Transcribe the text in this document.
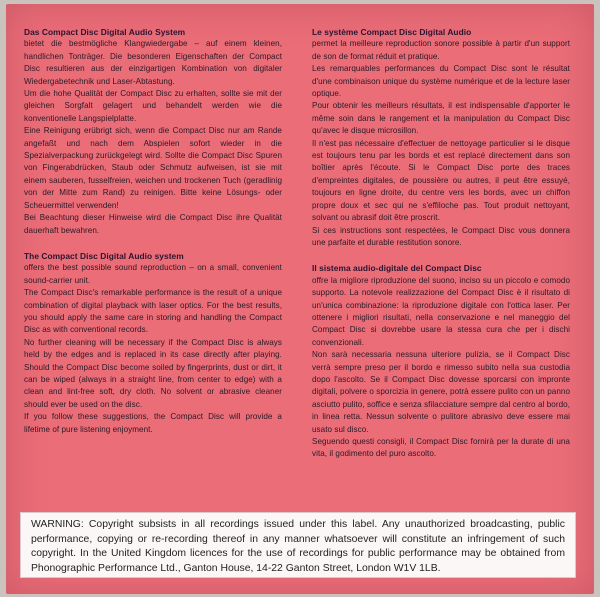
Das Compact Disc Digital Audio System

bietet die bestmögliche Klangwiedergabe – auf einem kleinen, handlichen Tonträger. Die besonderen Eigenschaften der Compact Disc resultieren aus der einzigartigen Kombination von digitaler Wiedergabetechnik und Laser-Abtastung.

Um die hohe Qualität der Compact Disc zu erhalten, sollte sie mit der gleichen Sorgfalt gelagert und behandelt werden wie die konventionelle Langspielplatte.

Eine Reinigung erübrigt sich, wenn die Compact Disc nur am Rande angefaßt und nach dem Abspielen sofort wieder in die Spezialverpackung zurückgelegt wird. Sollte die Compact Disc Spuren von Fingerabdrücken, Staub oder Schmutz aufweisen, ist sie mit einem sauberen, fusselfreien, weichen und trockenen Tuch (geradlinig von der Mitte zum Rand) zu reinigen. Bitte keine Lösungs- oder Scheuermittel verwenden!

Bei Beachtung dieser Hinweise wird die Compact Disc ihre Qualität dauerhaft bewahren.

The Compact Disc Digital Audio system

offers the best possible sound reproduction – on a small, convenient sound-carrier unit.

The Compact Disc's remarkable performance is the result of a unique combination of digital playback with laser optics. For the best results, you should apply the same care in storing and handling the Compact Disc as with conventional records.

No further cleaning will be necessary if the Compact Disc is always held by the edges and is replaced in its case directly after playing. Should the Compact Disc become soiled by fingerprints, dust or dirt, it can be wiped (always in a straight line, from center to edge) with a clean and lint-free soft, dry cloth. No solvent or abrasive cleaner should ever be used on the disc.

If you follow these suggestions, the Compact Disc will provide a lifetime of pure listening enjoyment.

Le système Compact Disc Digital Audio

permet la meilleure reproduction sonore possible à partir d'un support de son de format réduit et pratique.

Les remarquables performances du Compact Disc sont le résultat d'une combinaison unique du système numérique et de la lecture laser optique.

Pour obtenir les meilleurs résultats, il est indispensable d'apporter le même soin dans le rangement et la manipulation du Compact Disc qu'avec le disque microsillon.

Il n'est pas nécessaire d'effectuer de nettoyage particulier si le disque est toujours tenu par les bords et est replacé directement dans son boîtier après l'écoute. Si le Compact Disc porte des traces d'empreintes digitales, de poussière ou autres, il peut être essuyé, toujours en ligne droite, du centre vers les bords, avec un chiffon propre doux et sec qui ne s'effiloche pas. Tout produit nettoyant, solvant ou abrasif doit être proscrit.

Si ces instructions sont respectées, le Compact Disc vous donnera une parfaite et durable restitution sonore.

Il sistema audio-digitale del Compact Disc

offre la migliore riproduzione del suono, inciso su un piccolo e comodo supporto. La notevole realizzazione del Compact Disc è il risultato di un'unica combinazione: la riproduzione digitale con l'ottica laser. Per ottenere i migliori risultati, nella conservazione e nel maneggio del Compact Disc si dovrebbe usare la stessa cura che per i dischi convenzionali.

Non sarà necessaria nessuna ulteriore pulizia, se il Compact Disc verrà sempre preso per il bordo e rimesso subito nella sua custodia dopo l'ascolto. Se il Compact Disc dovesse sporcarsi con impronte digitali, polvere o sporcizia in genere, potrà essere pulito con un panno asciutto pulito, soffice e senza sfilacciature sempre dal centro al bordo, in linea retta. Nessun solvente o pulitore abrasivo deve essere mai usato sul disco.

Seguendo questi consigli, il Compact Disc fornirà per la durate di una vita, il godimento del puro ascolto.

WARNING: Copyright subsists in all recordings issued under this label. Any unauthorized broadcasting, public performance, copying or re-recording thereof in any manner whatsoever will constitute an infringement of such copyright. In the United Kingdom licences for the use of recordings for public performance may be obtained from Phonographic Performance Ltd., Ganton House, 14-22 Ganton Street, London W1V 1LB.
